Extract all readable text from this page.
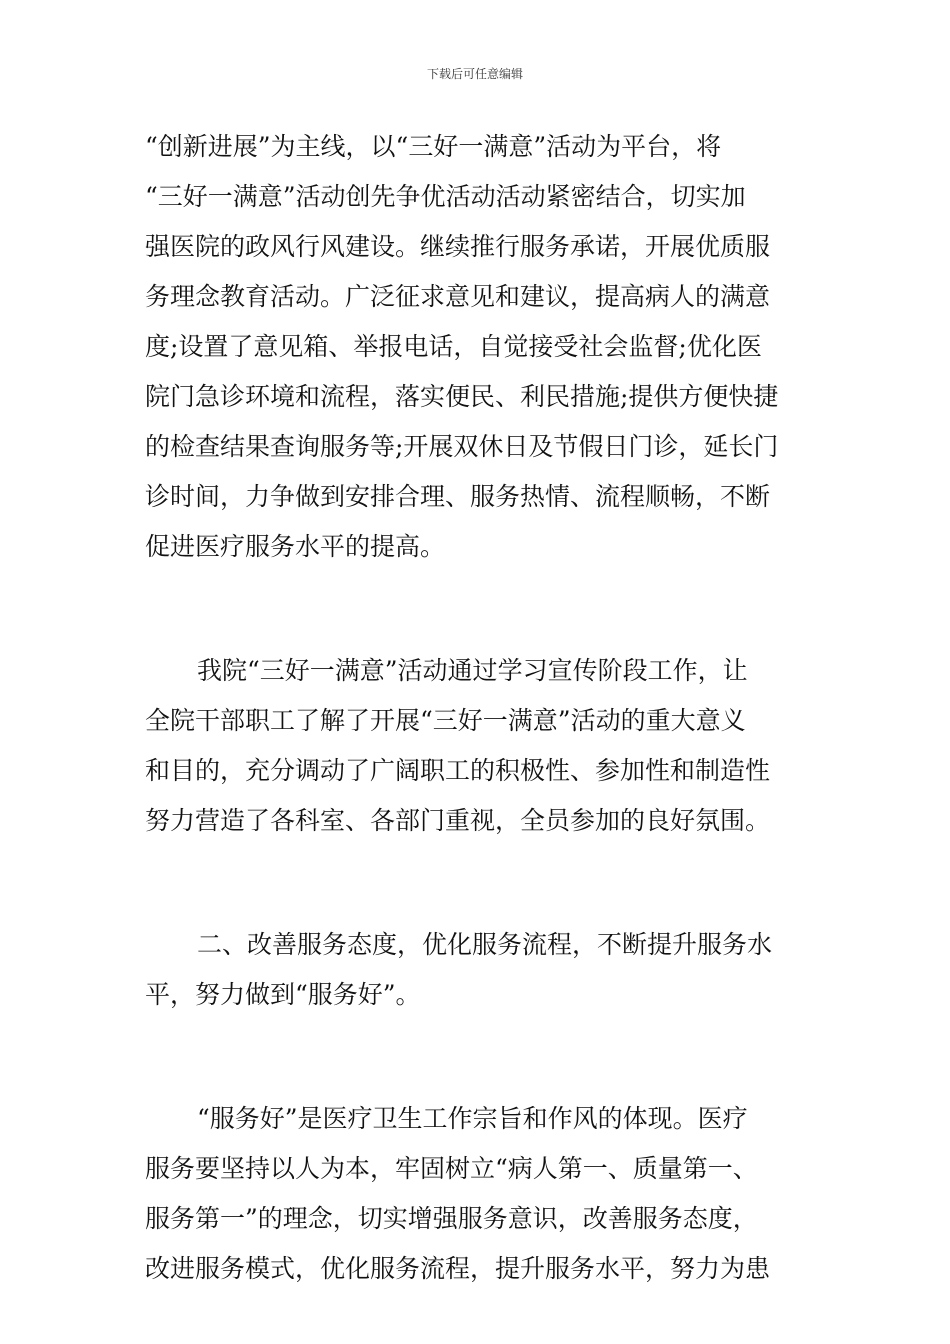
下载后可任意编辑
“创新进展”为主线，以“三好一满意”活动为平台，将
“三好一满意”活动创先争优活动活动紧密结合，切实加
强医院的政风行风建设。继续推行服务承诺，开展优质服
务理念教育活动。广泛征求意见和建议，提高病人的满意
度;设置了意见箱、举报电话，自觉接受社会监督;优化医
院门急诊环境和流程，落实便民、利民措施;提供方便快捷
的检查结果查询服务等;开展双休日及节假日门诊，延长门
诊时间，力争做到安排合理、服务热情、流程顺畅，不断
促进医疗服务水平的提高。
我院“三好一满意”活动通过学习宣传阶段工作，让
全院干部职工了解了开展“三好一满意”活动的重大意义
和目的，充分调动了广阔职工的积极性、参加性和制造性
努力营造了各科室、各部门重视，全员参加的良好氛围。
二、改善服务态度，优化服务流程，不断提升服务水
平，努力做到“服务好”。
“服务好”是医疗卫生工作宗旨和作风的体现。医疗
服务要坚持以人为本，牢固树立“病人第一、质量第一、
服务第一”的理念，切实增强服务意识，改善服务态度，
改进服务模式，优化服务流程，提升服务水平，努力为患
